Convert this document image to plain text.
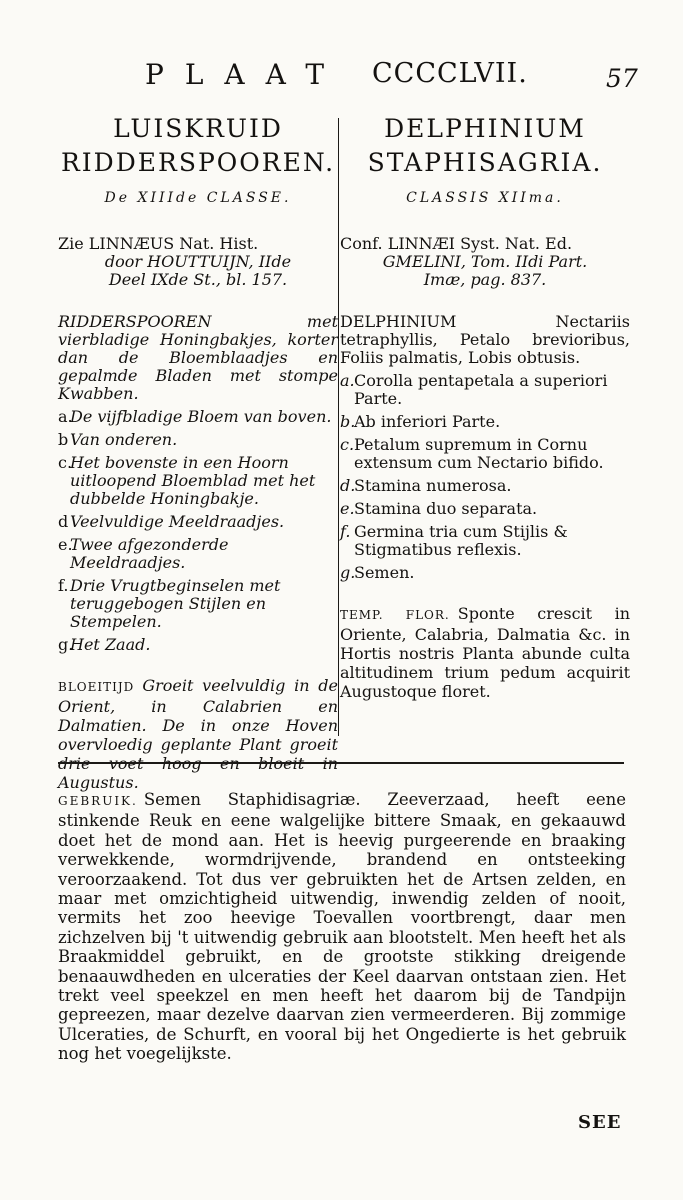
PLAAT CCCCLVII.	57
LUISKRUID
RIDDERSPOOREN.
De XIIIde CLASSE.
Zie LINNÆUS Nat. Hist.
door HOUTTUIJN, IIde
Deel IXde St., bl. 157.
RIDDERSPOOREN met vierbladige Honingbakjes, korter dan de Bloemblaadjes en gepalmde Bladen met stompe Kwabben.
a.
De vijfbladige Bloem van boven.
b Van onderen.
c.
Het bovenste in een Hoorn uitloopend Bloemblad met het dubbelde Honingbakje.
d Veelvuldige Meeldraadjes.
e.
Twee afgezonderde Meeldraadjes.
f. Drie Vrugtbeginselen met teruggebogen Stijlen en Stempelen.
g.
Het Zaad.
BLOEITIJD Groeit veelvuldig in de Orient, in Calabrien en Dalmatien. De in onze Hoven overvloedig geplante Plant groeit Augustus.
DELPHINIUM
STAPHISAGRIA.
CLASSIS XIIma.
Conf. LINNÆI Syst. Nat. Ed.
GMELINI, Tom. IIdi Part.
Imæ, pag. 837.
DELPHINIUM Nectariis tetraphyllis, Petalo brevioribus, Foliis palmatis, Lobis obtusis.
a. Corolla pentapetala a superiori Parte.
b.
Ab inferiori Parte.
c. Petalum supremum in Cornu extensum cum Nectario bifido.
d.
Stamina numerosa.
e. Stamina duo separata.
f. Germina tria cum Stijlis & Stigmatibus reflexis.
g.
Semen.
TEMP. FLOR. Sponte crescit in Oriente, Calabria, Dalmatia &c. in Hortis nostris Planta abunde culta altitudinem trium pedum acquirit Augustoque floret.
GEBRUIK. Semen Staphidisagriæ. Zeeverzaad, heeft eene stinkende Reuk en eene walgelijke bittere Smaak, en gekaauwd doet het de mond aan. Het is heevig purgeerende en braaking verwekkende, wormdrijvende, brandend en ontsteeking veroorzaakend. Tot dus ver gebruikten het de Artsen zelden, en maar met omzichtigheid uitwendig, inwendig zelden of nooit, vermits het zoo heevige Toevallen voortbrengt, daar men zichzelven bij 't uitwendig gebruik aan blootstelt. Men heeft het als Braakmiddel gebruikt, en de grootste stikking dreigende benaauwdheden en ulceraties der Keel daarvan ontstaan zien. Het trekt veel speekzel en men heeft het daarom bij de Tandpijn gepreezen, maar dezelve daarvan zien vermeerderen. Bij zommige Ulceraties, de Schurft, en vooral bij het Ongedierte is het gebruik nog het voegelijkste.
SEE
